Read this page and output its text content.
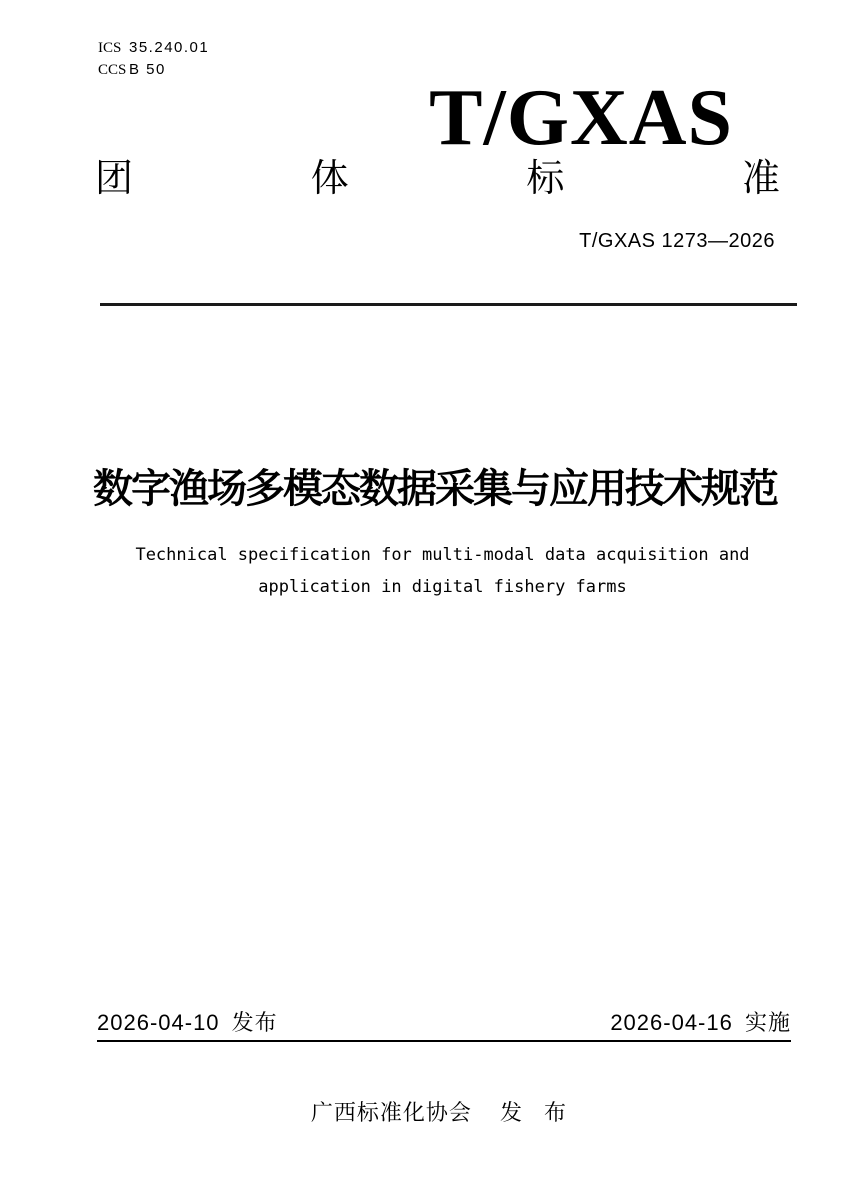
ICS 35.240.01
CCS B 50
T/GXAS
团	体	标	准
T/GXAS 1273—2026
数字渔场多模态数据采集与应用技术规范
Technical specification for multi-modal data acquisition and
application in digital fishery farms
2026-04-10 发布	2026-04-16 实施
广西标准化协会 发 布
